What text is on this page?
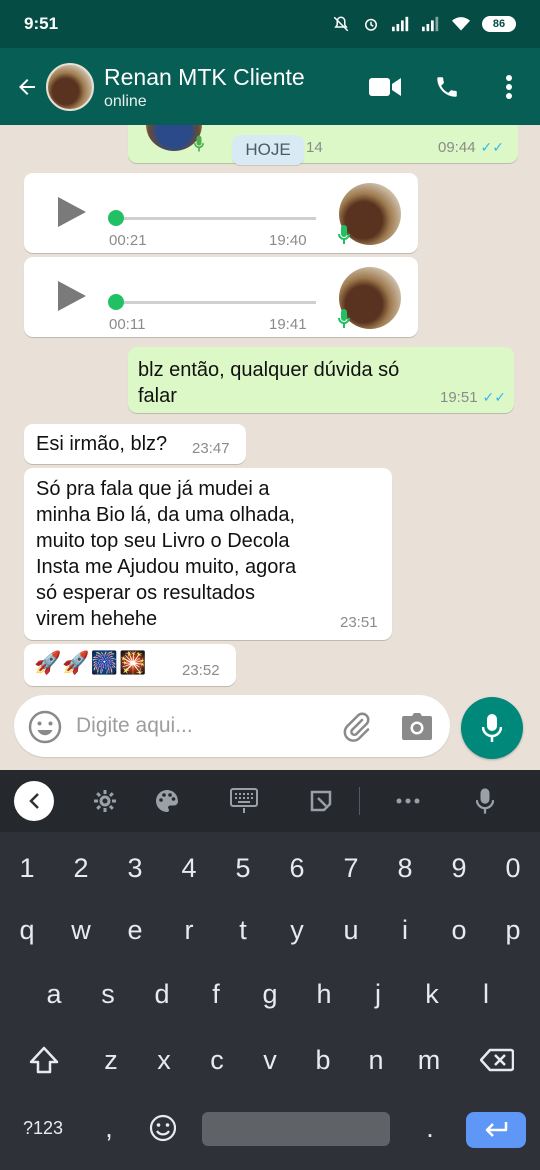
9:51	86
Renan MTK Cliente
online
14	09:44 ✓✓
HOJE
00:21	19:40
00:11	19:41
blz então, qualquer dúvida só
falar	19:51 ✓✓
Esi irmão, blz?	23:47
Só pra fala que já mudei a
minha Bio lá, da uma olhada,
muito top seu Livro o Decola
Insta me Ajudou muito, agora
só esperar os resultados
virem hehehe	23:51
🚀🚀🎆🎇	23:52
Digite aqui...
1	2	3	4	5	6	7	8	9	0
q	w	e	r	t	y	u	i	o	p
a	s	d	f	g	h	j	k	l
z	x	c	v	b	n	m
?123	,	.
